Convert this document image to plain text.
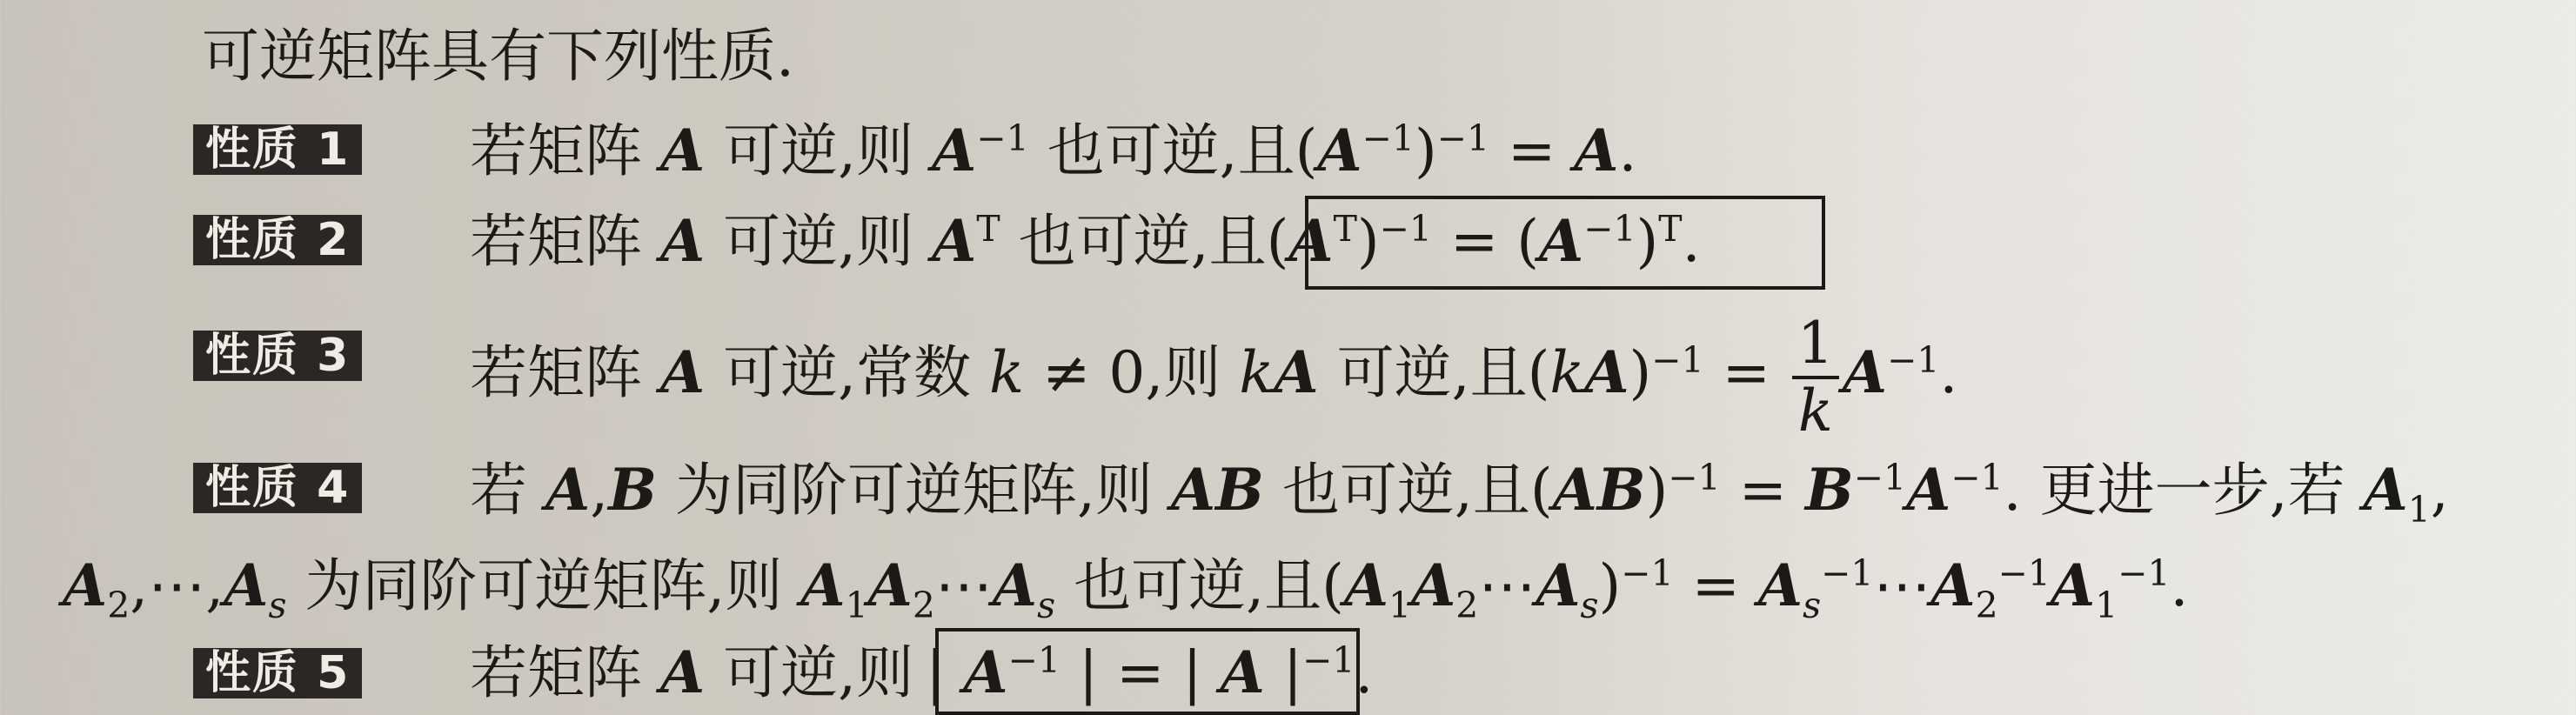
可逆矩阵具有下列性质.
性质 1 若矩阵 A 可逆,则 $A^{-1}$ 也可逆,且$(A^{-1})^{-1} = A$.
性质 2 若矩阵 A 可逆,则 $A^T$ 也可逆,且$(A^T)^{-1} = (A^{-1})^T$.
性质 3 若矩阵 A 可逆,常数 k ≠ 0,则 kA 可逆,且$(kA)^{-1} = \frac{1}{k} A^{-1}$.
性质 4 若 A,B 为同阶可逆矩阵,则 AB 也可逆,且$(AB)^{-1} = B^{-1}A^{-1}$. 更进一步,若 $A_1$,
$A_2,\cdots,A_s$ 为同阶可逆矩阵,则 $A_1A_2\cdots A_s$ 也可逆,且$(A_1A_2\cdots A_s)^{-1}$ = $A_s^{-1}\cdots A_2^{-1}A_1^{-1}$.
性质 5 若矩阵 A 可逆,则 | $A^{-1}$ | = | A $|^{-1}$.
